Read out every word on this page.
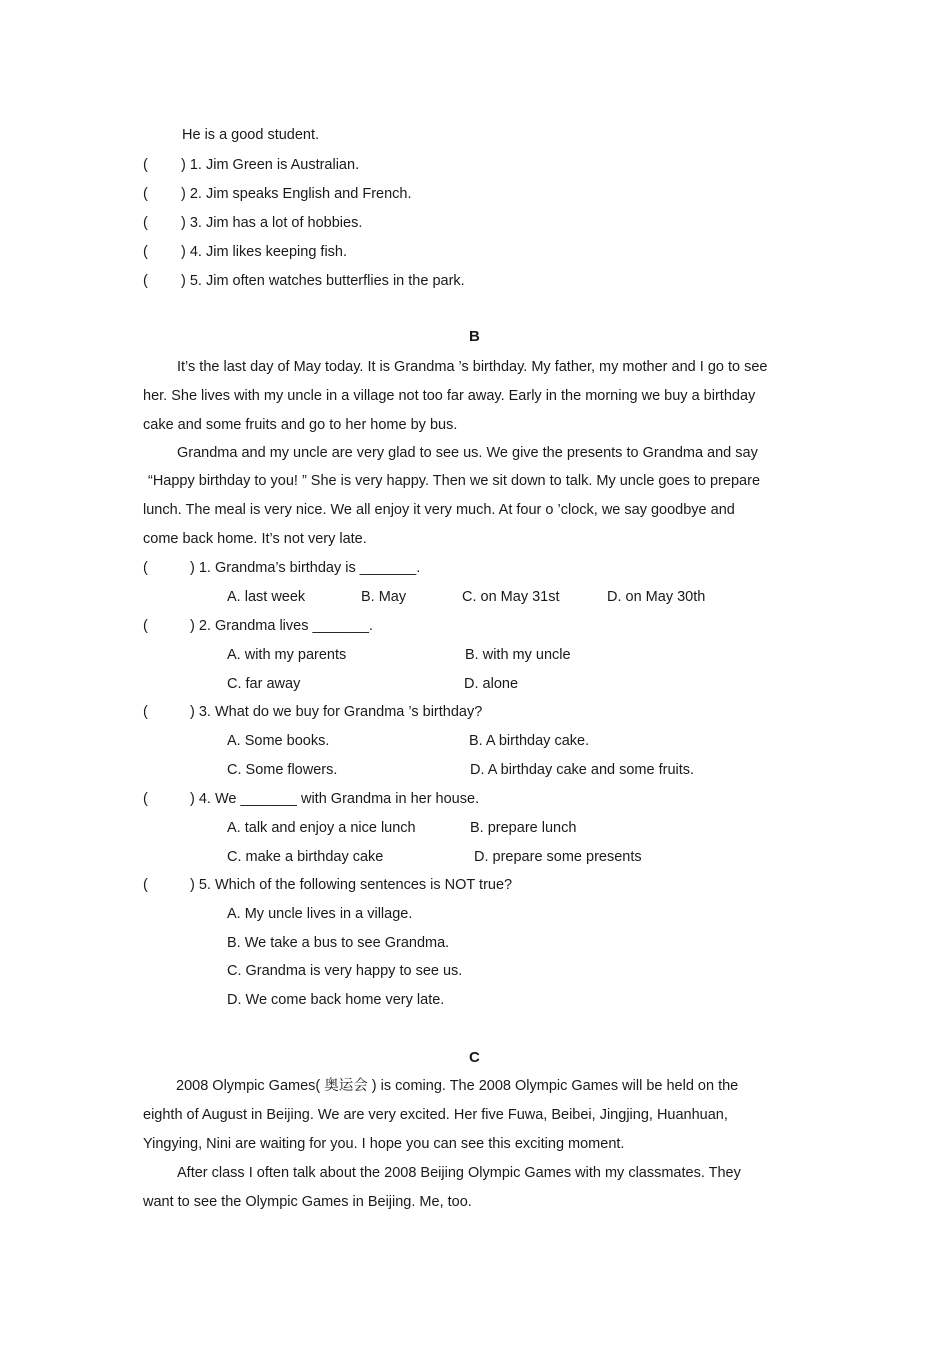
He is a good student.
( ) 1. Jim Green is Australian.
( ) 2. Jim speaks English and French.
( ) 3. Jim has a lot of hobbies.
( ) 4. Jim likes keeping fish.
( ) 5. Jim often watches butterflies in the park.
B
It’s the last day of May today. It is Grandma ’s birthday. My father, my mother and I go to see
her. She lives with my uncle in a village not too far away. Early in the morning we buy a birthday
cake and some fruits and go to her home by bus.
Grandma and my uncle are very glad to see us. We give the presents to Grandma and say
“Happy birthday to you! ” She is very happy. Then we sit down to talk. My uncle goes to prepare
lunch. The meal is very nice. We all enjoy it very much. At four o ’clock, we say goodbye and
come back home. It’s not very late.
(	) 1. Grandma’s birthday is _______.
A. last week	B. May	C. on May 31st	D. on May 30th
(	) 2. Grandma lives _______.
A. with my parents	B. with my uncle
C. far away	D. alone
(	) 3. What do we buy for Grandma ’s birthday?
A. Some books.	B. A birthday cake.
C. Some flowers.	D. A birthday cake and some fruits.
(	) 4. We _______ with Grandma in her house.
A. talk and enjoy a nice lunch	B. prepare lunch
C. make a birthday cake	D. prepare some presents
(	) 5. Which of the following sentences is NOT true?
A. My uncle lives in a village.
B. We take a bus to see Grandma.
C. Grandma is very happy to see us.
D. We come back home very late.
C
2008 Olympic Games( 奥运会 ) is coming. The 2008 Olympic Games will be held on the
eighth of August in Beijing. We are very excited. Her five Fuwa, Beibei, Jingjing, Huanhuan,
Yingying, Nini are waiting for you. I hope you can see this exciting moment.
After class I often talk about the 2008 Beijing Olympic Games with my classmates. They
want to see the Olympic Games in Beijing. Me, too.
